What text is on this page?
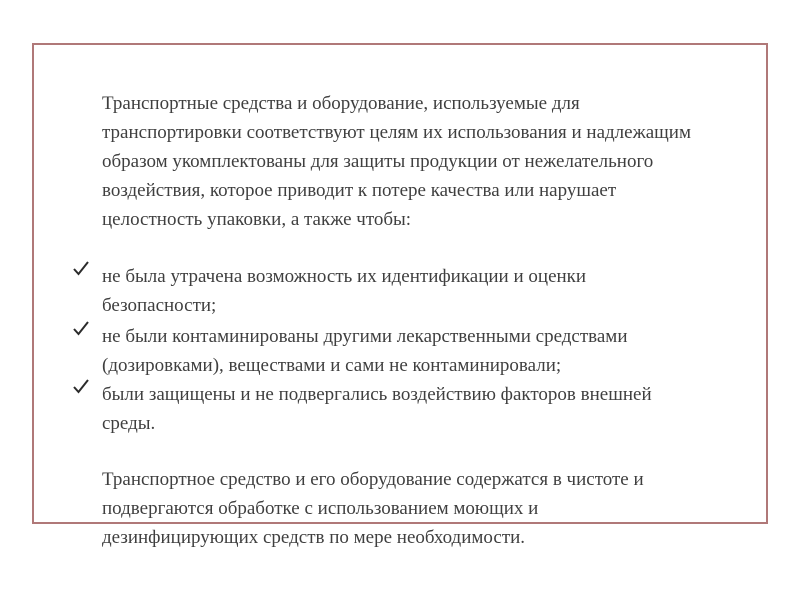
Транспортные средства и оборудование, используемые для
транспортировки соответствуют целям их использования и надлежащим
образом укомплектованы для защиты продукции от нежелательного
воздействия, которое приводит к потере качества или нарушает
целостность упаковки, а также чтобы:
не была утрачена возможность их идентификации и оценки
безопасности;
не были контаминированы другими лекарственными средствами
(дозировками), веществами и сами не контаминировали;
были защищены и не подвергались воздействию факторов внешней
среды.
Транспортное средство и его оборудование содержатся в чистоте и
подвергаются обработке с использованием моющих и
дезинфицирующих средств по мере необходимости.
